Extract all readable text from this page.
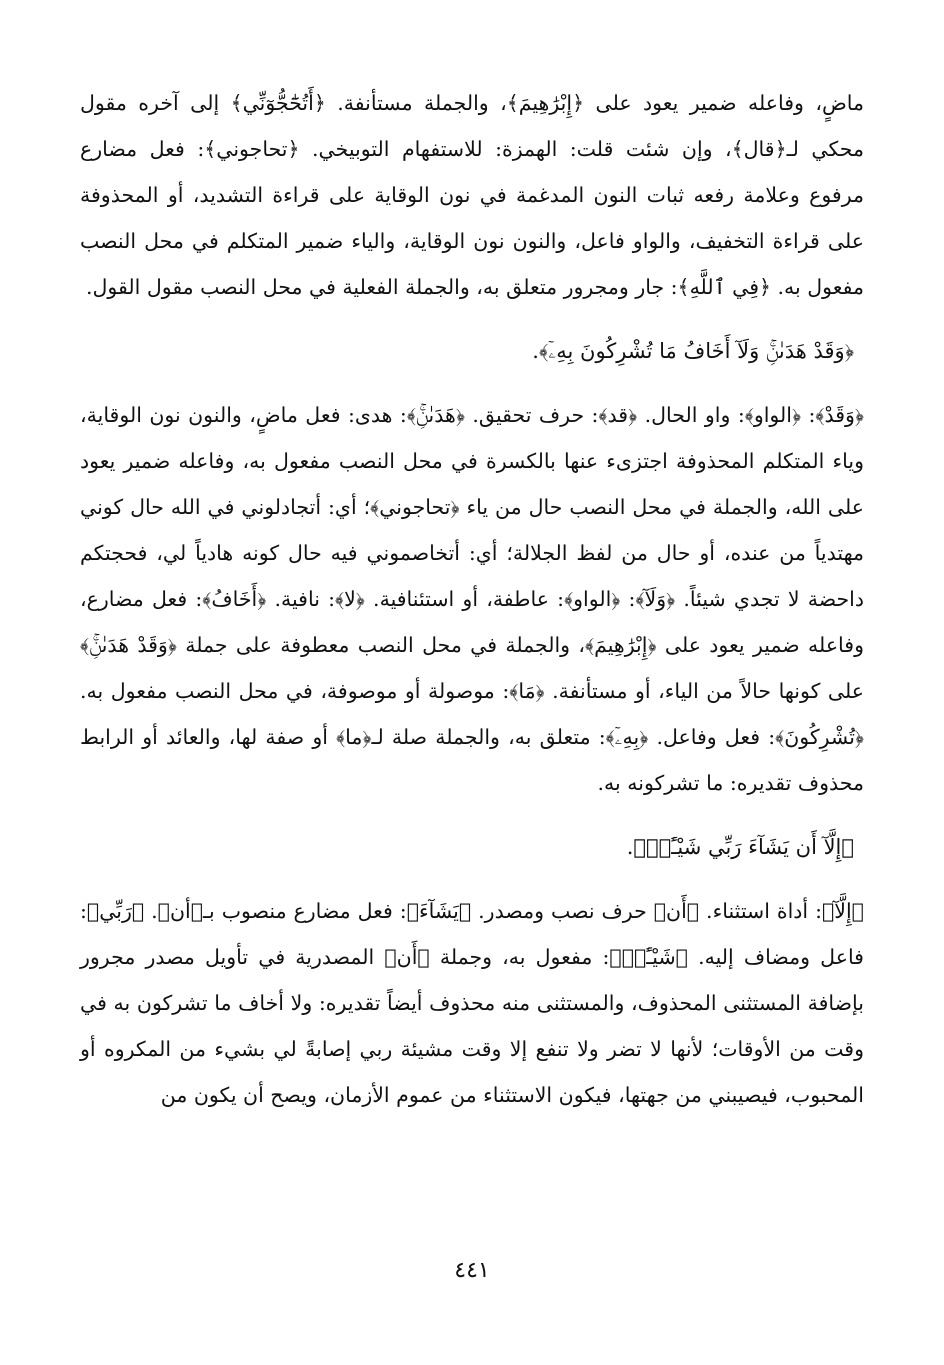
ماضٍ، وفاعله ضمير يعود على ﴿إِبْرَٰهِيمَ﴾، والجملة مستأنفة. ﴿أَتُحَٰٓجُّوٓنِّي﴾ إلى آخره مقول محكي لـ﴿قال﴾، وإن شئت قلت: الهمزة: للاستفهام التوبيخي. ﴿تحاجوني﴾: فعل مضارع مرفوع وعلامة رفعه ثبات النون المدغمة في نون الوقاية على قراءة التشديد، أو المحذوفة على قراءة التخفيف، والواو فاعل، والنون نون الوقاية، والياء ضمير المتكلم في محل النصب مفعول به. ﴿فِي ٱللَّهِ﴾: جار ومجرور متعلق به، والجملة الفعلية في محل النصب مقول القول.

﴿وَقَدْ هَدَىٰنِۚ وَلَآ أَخَافُ مَا تُشْرِكُونَ بِهِۦٓ﴾.

﴿وَقَدْ﴾: ﴿الواو﴾: واو الحال. ﴿قد﴾: حرف تحقيق. ﴿هَدَىٰنِۚ﴾: هدى: فعل ماضٍ، والنون نون الوقاية، وياء المتكلم المحذوفة اجتزىء عنها بالكسرة في محل النصب مفعول به، وفاعله ضمير يعود على الله، والجملة في محل النصب حال من ياء ﴿تحاجوني﴾؛ أي: أتجادلوني في الله حال كوني مهتدياً من عنده، أو حال من لفظ الجلالة؛ أي: أتخاصموني فيه حال كونه هادياً لي، فحجتكم داحضة لا تجدي شيئاً. ﴿وَلَآ﴾: ﴿الواو﴾: عاطفة، أو استئنافية. ﴿لا﴾: نافية. ﴿أَخَافُ﴾: فعل مضارع، وفاعله ضمير يعود على ﴿إِبْرَٰهِيمَ﴾، والجملة في محل النصب معطوفة على جملة ﴿وَقَدْ هَدَىٰنِۚ﴾ على كونها حالاً من الياء، أو مستأنفة. ﴿مَا﴾: موصولة أو موصوفة، في محل النصب مفعول به. ﴿تُشْرِكُونَ﴾: فعل وفاعل. ﴿بِهِۦٓ﴾: متعلق به، والجملة صلة لـ﴿ما﴾ أو صفة لها، والعائد أو الرابط محذوف تقديره: ما تشركونه به.

﴿إِلَّآ أَن يَشَآءَ رَبِّي شَيْـًٔاۗ﴾.

﴿إِلَّآ﴾: أداة استثناء. ﴿أَن﴾ حرف نصب ومصدر. ﴿يَشَآءَ﴾: فعل مضارع منصوب بـ﴿أن﴾. ﴿رَبِّي﴾: فاعل ومضاف إليه. ﴿شَيْـًٔاۗ﴾: مفعول به، وجملة ﴿أَن﴾ المصدرية في تأويل مصدر مجرور بإضافة المستثنى المحذوف، والمستثنى منه محذوف أيضاً تقديره: ولا أخاف ما تشركون به في وقت من الأوقات؛ لأنها لا تضر ولا تنفع إلا وقت مشيئة ربي إصابةً لي بشيء من المكروه أو المحبوب، فيصيبني من جهتها، فيكون الاستثناء من عموم الأزمان، ويصح أن يكون من

٤٤١
